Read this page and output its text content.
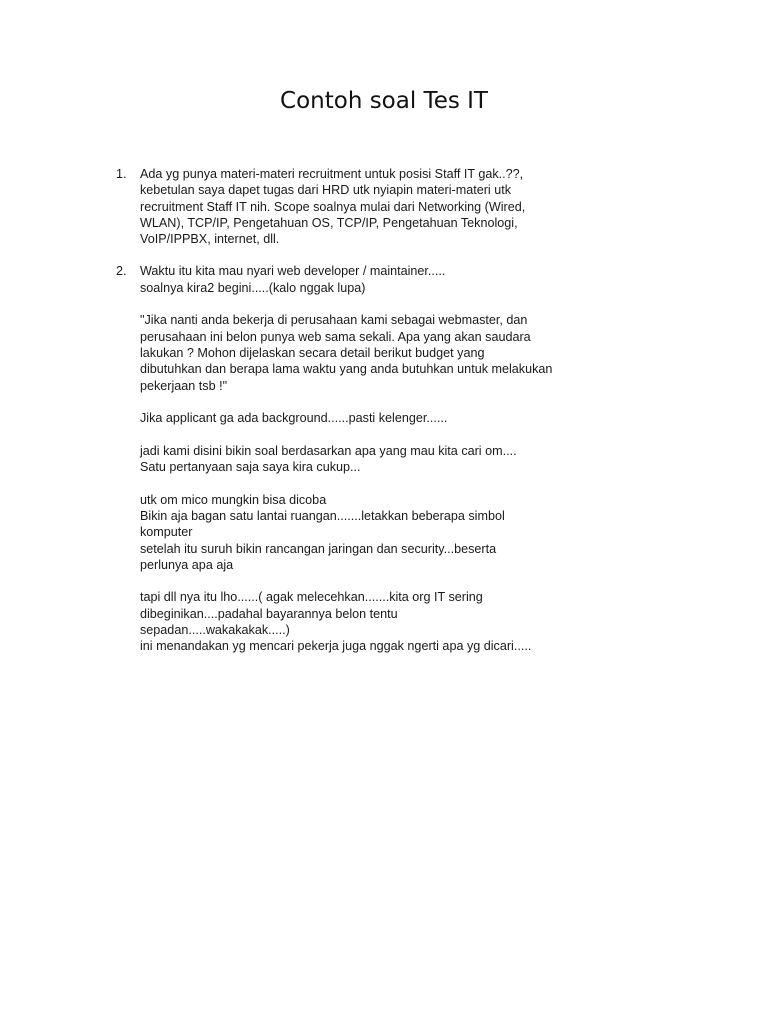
Contoh soal Tes IT
1.	Ada yg punya materi-materi recruitment untuk posisi Staff IT gak..??,
kebetulan saya dapet tugas dari HRD utk nyiapin materi-materi utk
recruitment Staff IT nih. Scope soalnya mulai dari Networking (Wired,
WLAN), TCP/IP, Pengetahuan OS, TCP/IP, Pengetahuan Teknologi,
VoIP/IPPBX, internet, dll.
2.	Waktu itu kita mau nyari web developer / maintainer.....
soalnya kira2 begini.....(kalo nggak lupa)
"Jika nanti anda bekerja di perusahaan kami sebagai webmaster, dan
perusahaan ini belon punya web sama sekali. Apa yang akan saudara
lakukan ? Mohon dijelaskan secara detail berikut budget yang
dibutuhkan dan berapa lama waktu yang anda butuhkan untuk melakukan
pekerjaan tsb !"
Jika applicant ga ada background......pasti kelenger......
jadi kami disini bikin soal berdasarkan apa yang mau kita cari om....
Satu pertanyaan saja saya kira cukup...
utk om mico mungkin bisa dicoba
Bikin aja bagan satu lantai ruangan.......letakkan beberapa simbol
komputer
setelah itu suruh bikin rancangan jaringan dan security...beserta
perlunya apa aja
tapi dll nya itu lho......( agak melecehkan.......kita org IT sering
dibeginikan....padahal bayarannya belon tentu
sepadan.....wakakakak.....)
ini menandakan yg mencari pekerja juga nggak ngerti apa yg dicari.....
